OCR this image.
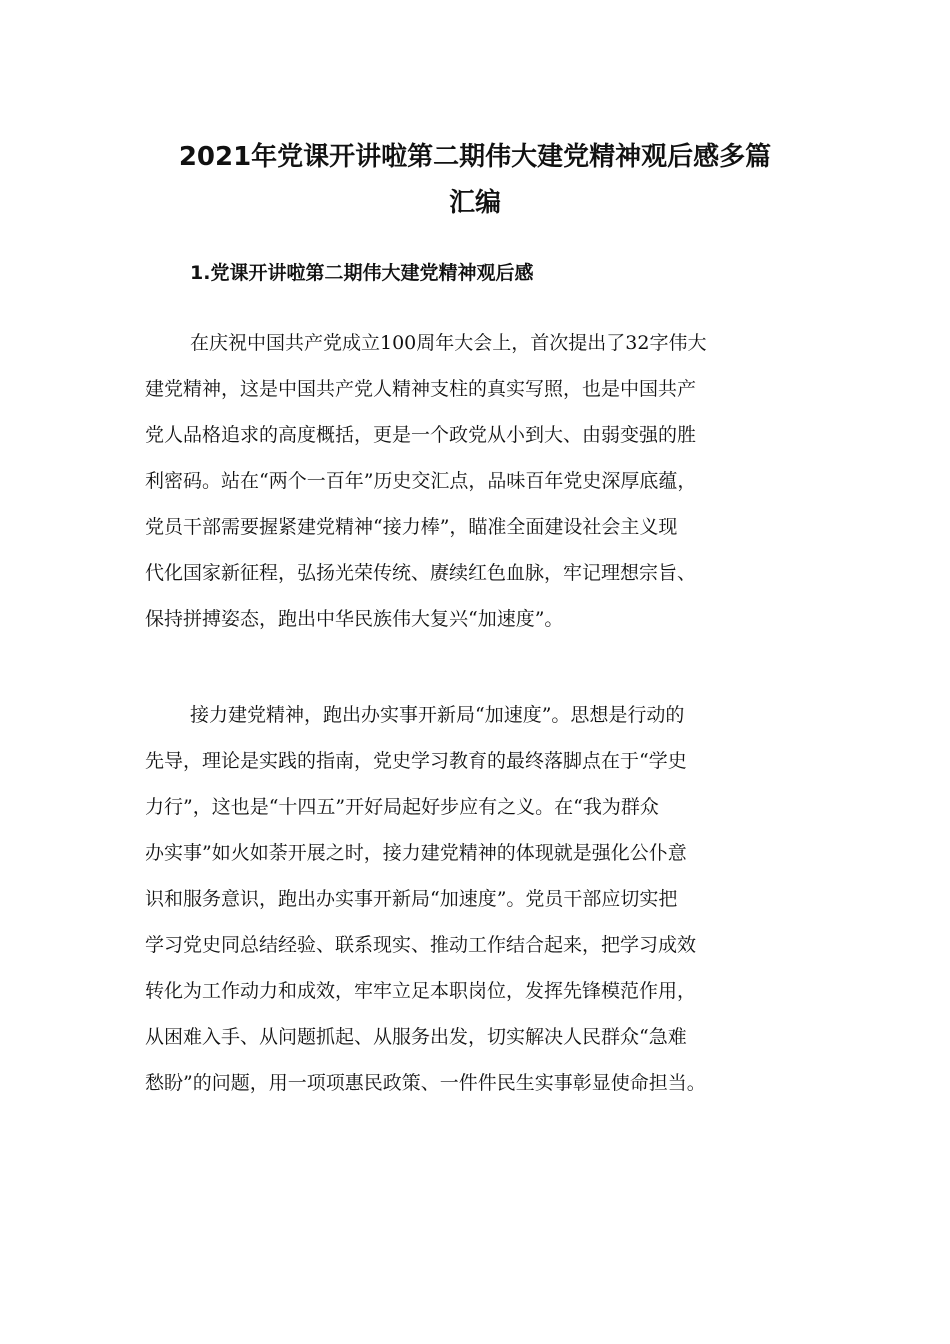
2021年党课开讲啦第二期伟大建党精神观后感多篇
汇编
1.党课开讲啦第二期伟大建党精神观后感

在庆祝中国共产党成立100周年大会上，首次提出了32字伟大

建党精神，这是中国共产党人精神支柱的真实写照，也是中国共产

党人品格追求的高度概括，更是一个政党从小到大、由弱变强的胜

利密码。站在“两个一百年”历史交汇点，品味百年党史深厚底蕴，

党员干部需要握紧建党精神“接力棒”，瞄准全面建设社会主义现

代化国家新征程，弘扬光荣传统、赓续红色血脉，牢记理想宗旨、

保持拼搏姿态，跑出中华民族伟大复兴“加速度”。

接力建党精神，跑出办实事开新局“加速度”。思想是行动的

先导，理论是实践的指南，党史学习教育的最终落脚点在于“学史

力行”，这也是“十四五”开好局起好步应有之义。在“我为群众

办实事”如火如荼开展之时，接力建党精神的体现就是强化公仆意

识和服务意识，跑出办实事开新局“加速度”。党员干部应切实把

学习党史同总结经验、联系现实、推动工作结合起来，把学习成效

转化为工作动力和成效，牢牢立足本职岗位，发挥先锋模范作用，

从困难入手、从问题抓起、从服务出发，切实解决人民群众“急难

愁盼”的问题，用一项项惠民政策、一件件民生实事彰显使命担当。
